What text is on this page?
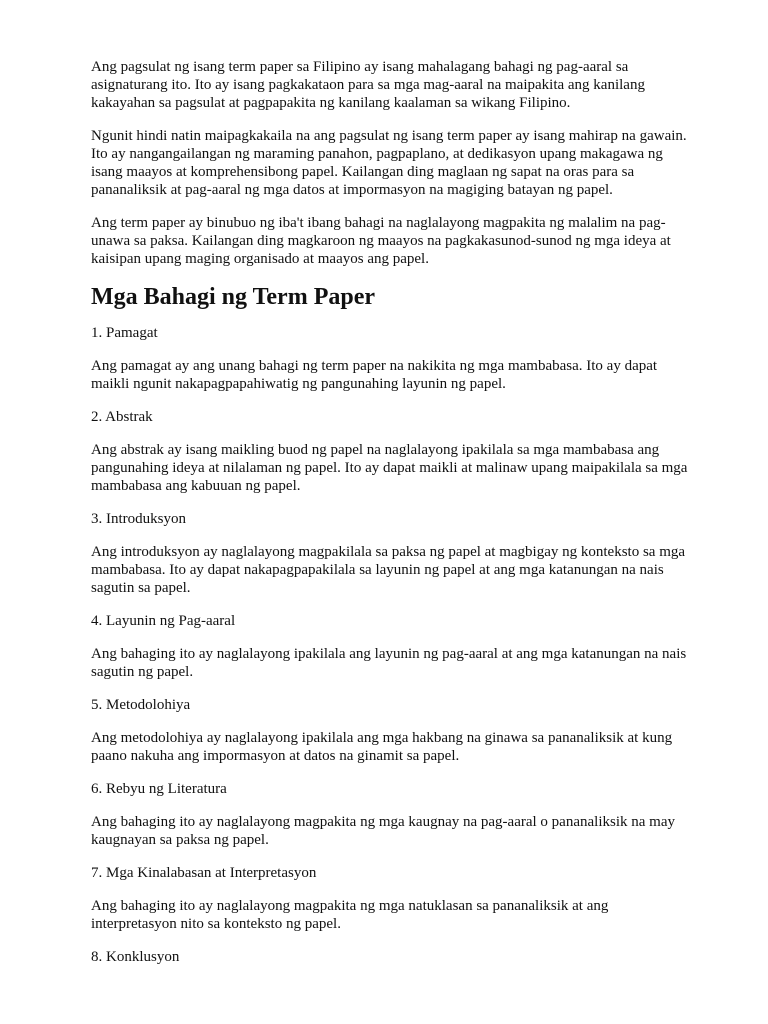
Ang pagsulat ng isang term paper sa Filipino ay isang mahalagang bahagi ng pag-aaral sa asignaturang ito. Ito ay isang pagkakataon para sa mga mag-aaral na maipakita ang kanilang kakayahan sa pagsulat at pagpapakita ng kanilang kaalaman sa wikang Filipino.

Ngunit hindi natin maipagkakaila na ang pagsulat ng isang term paper ay isang mahirap na gawain. Ito ay nangangailangan ng maraming panahon, pagpaplano, at dedikasyon upang makagawa ng isang maayos at komprehensibong papel. Kailangan ding maglaan ng sapat na oras para sa pananaliksik at pag-aaral ng mga datos at impormasyon na magiging batayan ng papel.

Ang term paper ay binubuo ng iba't ibang bahagi na naglalayong magpakita ng malalim na pag-unawa sa paksa. Kailangan ding magkaroon ng maayos na pagkakasunod-sunod ng mga ideya at kaisipan upang maging organisado at maayos ang papel.

Mga Bahagi ng Term Paper
1. Pamagat

Ang pamagat ay ang unang bahagi ng term paper na nakikita ng mga mambabasa. Ito ay dapat maikli ngunit nakapagpapahiwatig ng pangunahing layunin ng papel.

2. Abstrak

Ang abstrak ay isang maikling buod ng papel na naglalayong ipakilala sa mga mambabasa ang pangunahing ideya at nilalaman ng papel. Ito ay dapat maikli at malinaw upang maipakilala sa mga mambabasa ang kabuuan ng papel.

3. Introduksyon

Ang introduksyon ay naglalayong magpakilala sa paksa ng papel at magbigay ng konteksto sa mga mambabasa. Ito ay dapat nakapagpapakilala sa layunin ng papel at ang mga katanungan na nais sagutin sa papel.

4. Layunin ng Pag-aaral

Ang bahaging ito ay naglalayong ipakilala ang layunin ng pag-aaral at ang mga katanungan na nais sagutin ng papel.

5. Metodolohiya

Ang metodolohiya ay naglalayong ipakilala ang mga hakbang na ginawa sa pananaliksik at kung paano nakuha ang impormasyon at datos na ginamit sa papel.

6. Rebyu ng Literatura

Ang bahaging ito ay naglalayong magpakita ng mga kaugnay na pag-aaral o pananaliksik na may kaugnayan sa paksa ng papel.

7. Mga Kinalabasan at Interpretasyon

Ang bahaging ito ay naglalayong magpakita ng mga natuklasan sa pananaliksik at ang interpretasyon nito sa konteksto ng papel.

8. Konklusyon
